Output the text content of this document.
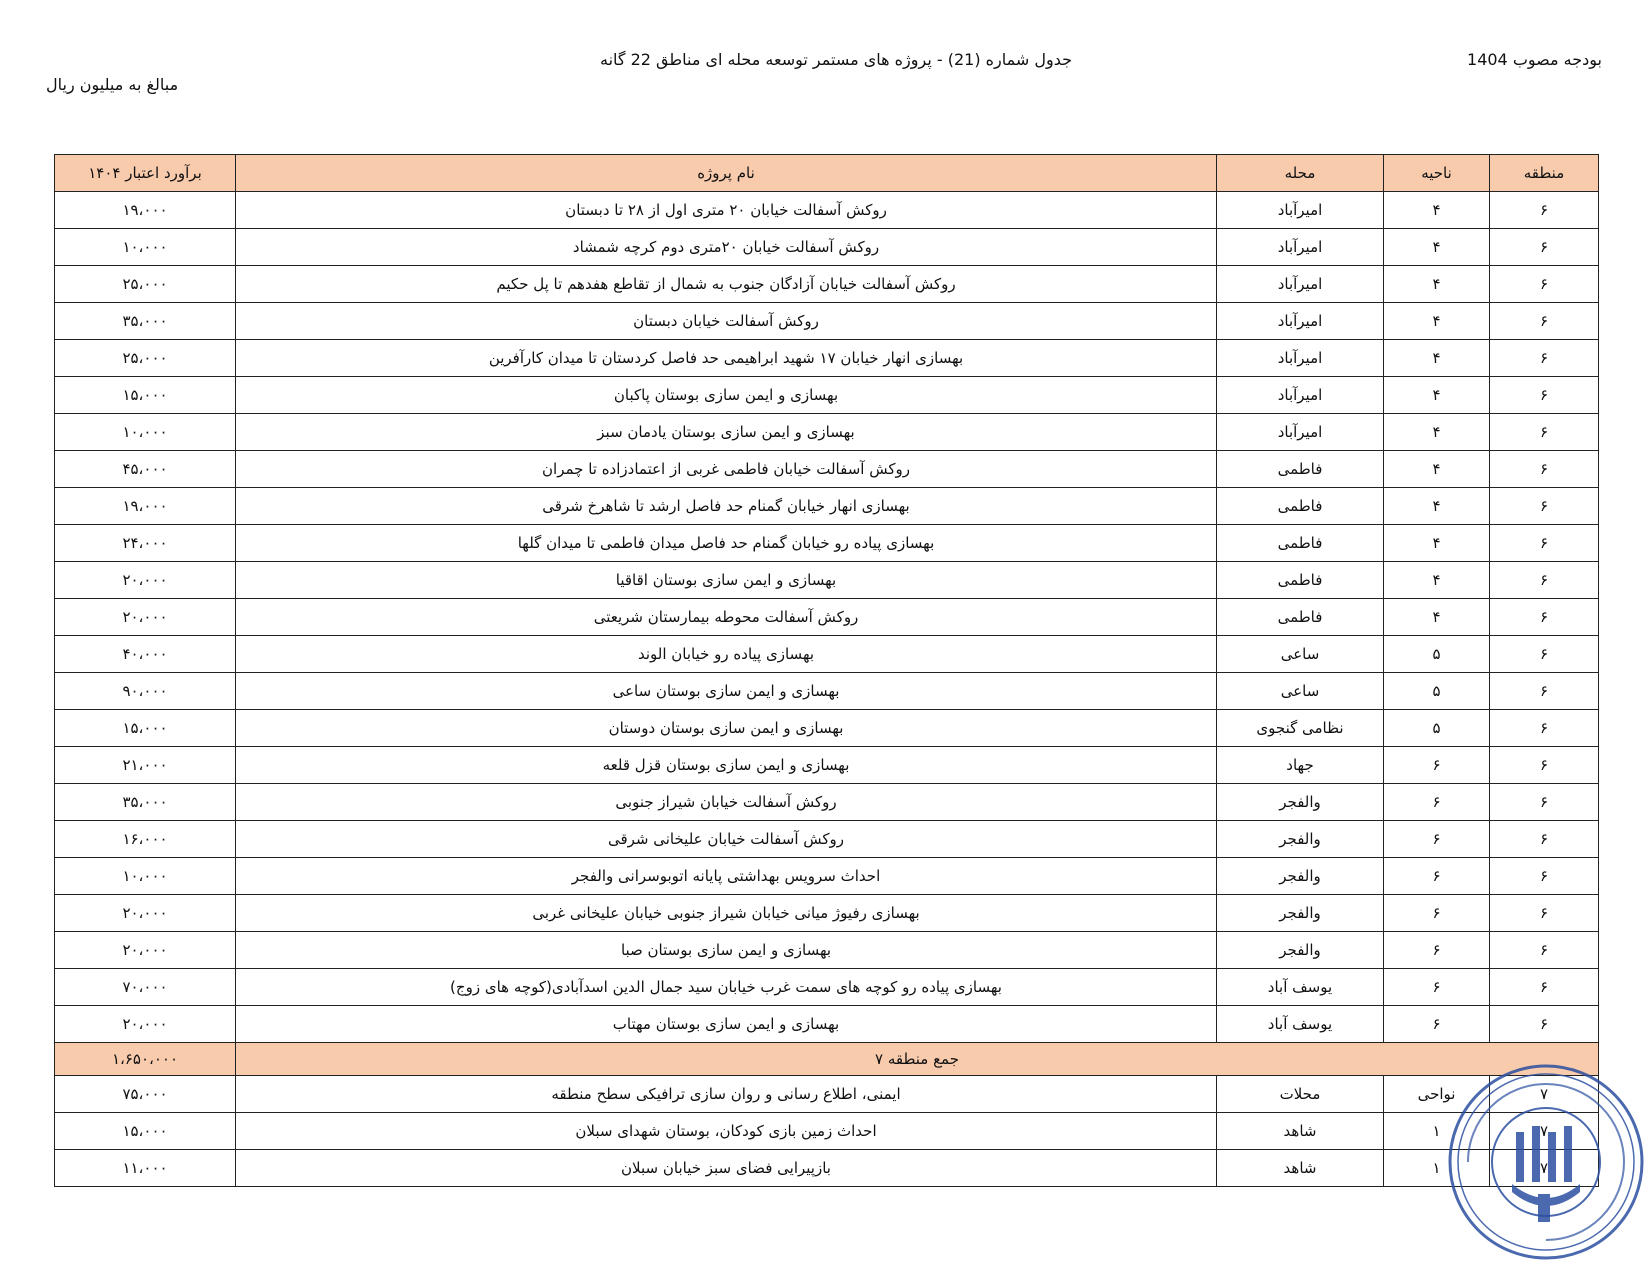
بودجه مصوب 1404
جدول شماره (21) - پروژه های مستمر توسعه محله ای مناطق 22 گانه
مبالغ به میلیون ریال
منطقه	ناحیه	محله	نام پروژه	برآورد اعتبار ۱۴۰۴
۶	۴	امیرآباد	روکش آسفالت خیابان ۲۰ متری اول از ۲۸ تا دبستان	۱۹،۰۰۰
۶	۴	امیرآباد	روکش آسفالت خیابان ۲۰متری دوم کرچه شمشاد	۱۰،۰۰۰
۶	۴	امیرآباد	روکش آسفالت خیابان آزادگان جنوب به شمال از تقاطع هفدهم تا پل حکیم	۲۵،۰۰۰
۶	۴	امیرآباد	روکش آسفالت خیابان دبستان	۳۵،۰۰۰
۶	۴	امیرآباد	بهسازی انهار خیابان ۱۷ شهید ابراهیمی حد فاصل کردستان تا میدان کارآفرین	۲۵،۰۰۰
۶	۴	امیرآباد	بهسازی و ایمن سازی بوستان پاکبان	۱۵،۰۰۰
۶	۴	امیرآباد	بهسازی و ایمن سازی بوستان یادمان سبز	۱۰،۰۰۰
۶	۴	فاطمی	روکش آسفالت خیابان فاطمی غربی از اعتمادزاده تا چمران	۴۵،۰۰۰
۶	۴	فاطمی	بهسازی انهار خیابان گمنام حد فاصل ارشد تا شاهرخ شرقی	۱۹،۰۰۰
۶	۴	فاطمی	بهسازی پیاده رو خیابان گمنام حد فاصل میدان فاطمی تا میدان گلها	۲۴،۰۰۰
۶	۴	فاطمی	بهسازی و ایمن سازی بوستان اقاقیا	۲۰،۰۰۰
۶	۴	فاطمی	روکش آسفالت محوطه بیمارستان شریعتی	۲۰،۰۰۰
۶	۵	ساعی	بهسازی پیاده رو خیابان الوند	۴۰،۰۰۰
۶	۵	ساعی	بهسازی و ایمن سازی بوستان ساعی	۹۰،۰۰۰
۶	۵	نظامی گنجوی	بهسازی و ایمن سازی بوستان دوستان	۱۵،۰۰۰
۶	۶	جهاد	بهسازی و ایمن سازی بوستان قزل قلعه	۲۱،۰۰۰
۶	۶	والفجر	روکش آسفالت خیابان شیراز جنوبی	۳۵،۰۰۰
۶	۶	والفجر	روکش آسفالت خیابان علیخانی شرقی	۱۶،۰۰۰
۶	۶	والفجر	احداث سرویس بهداشتی پایانه اتوبوسرانی والفجر	۱۰،۰۰۰
۶	۶	والفجر	بهسازی رفیوژ میانی خیابان شیراز جنوبی خیابان علیخانی غربی	۲۰،۰۰۰
۶	۶	والفجر	بهسازی و ایمن سازی بوستان صبا	۲۰،۰۰۰
۶	۶	یوسف آباد	بهسازی پیاده رو کوچه های سمت غرب خیابان سید جمال الدین اسدآبادی(کوچه های زوج)	۷۰،۰۰۰
۶	۶	یوسف آباد	بهسازی و ایمن سازی بوستان مهتاب	۲۰،۰۰۰
جمع منطقه ۷				۱،۶۵۰،۰۰۰
۷	نواحی	محلات	ایمنی، اطلاع رسانی و روان سازی ترافیکی سطح منطقه	۷۵،۰۰۰
۷	۱	شاهد	احداث زمین بازی کودکان، بوستان شهدای سبلان	۱۵،۰۰۰
۷	۱	شاهد	بازپیرایی فضای سبز خیابان سبلان	۱۱،۰۰۰
